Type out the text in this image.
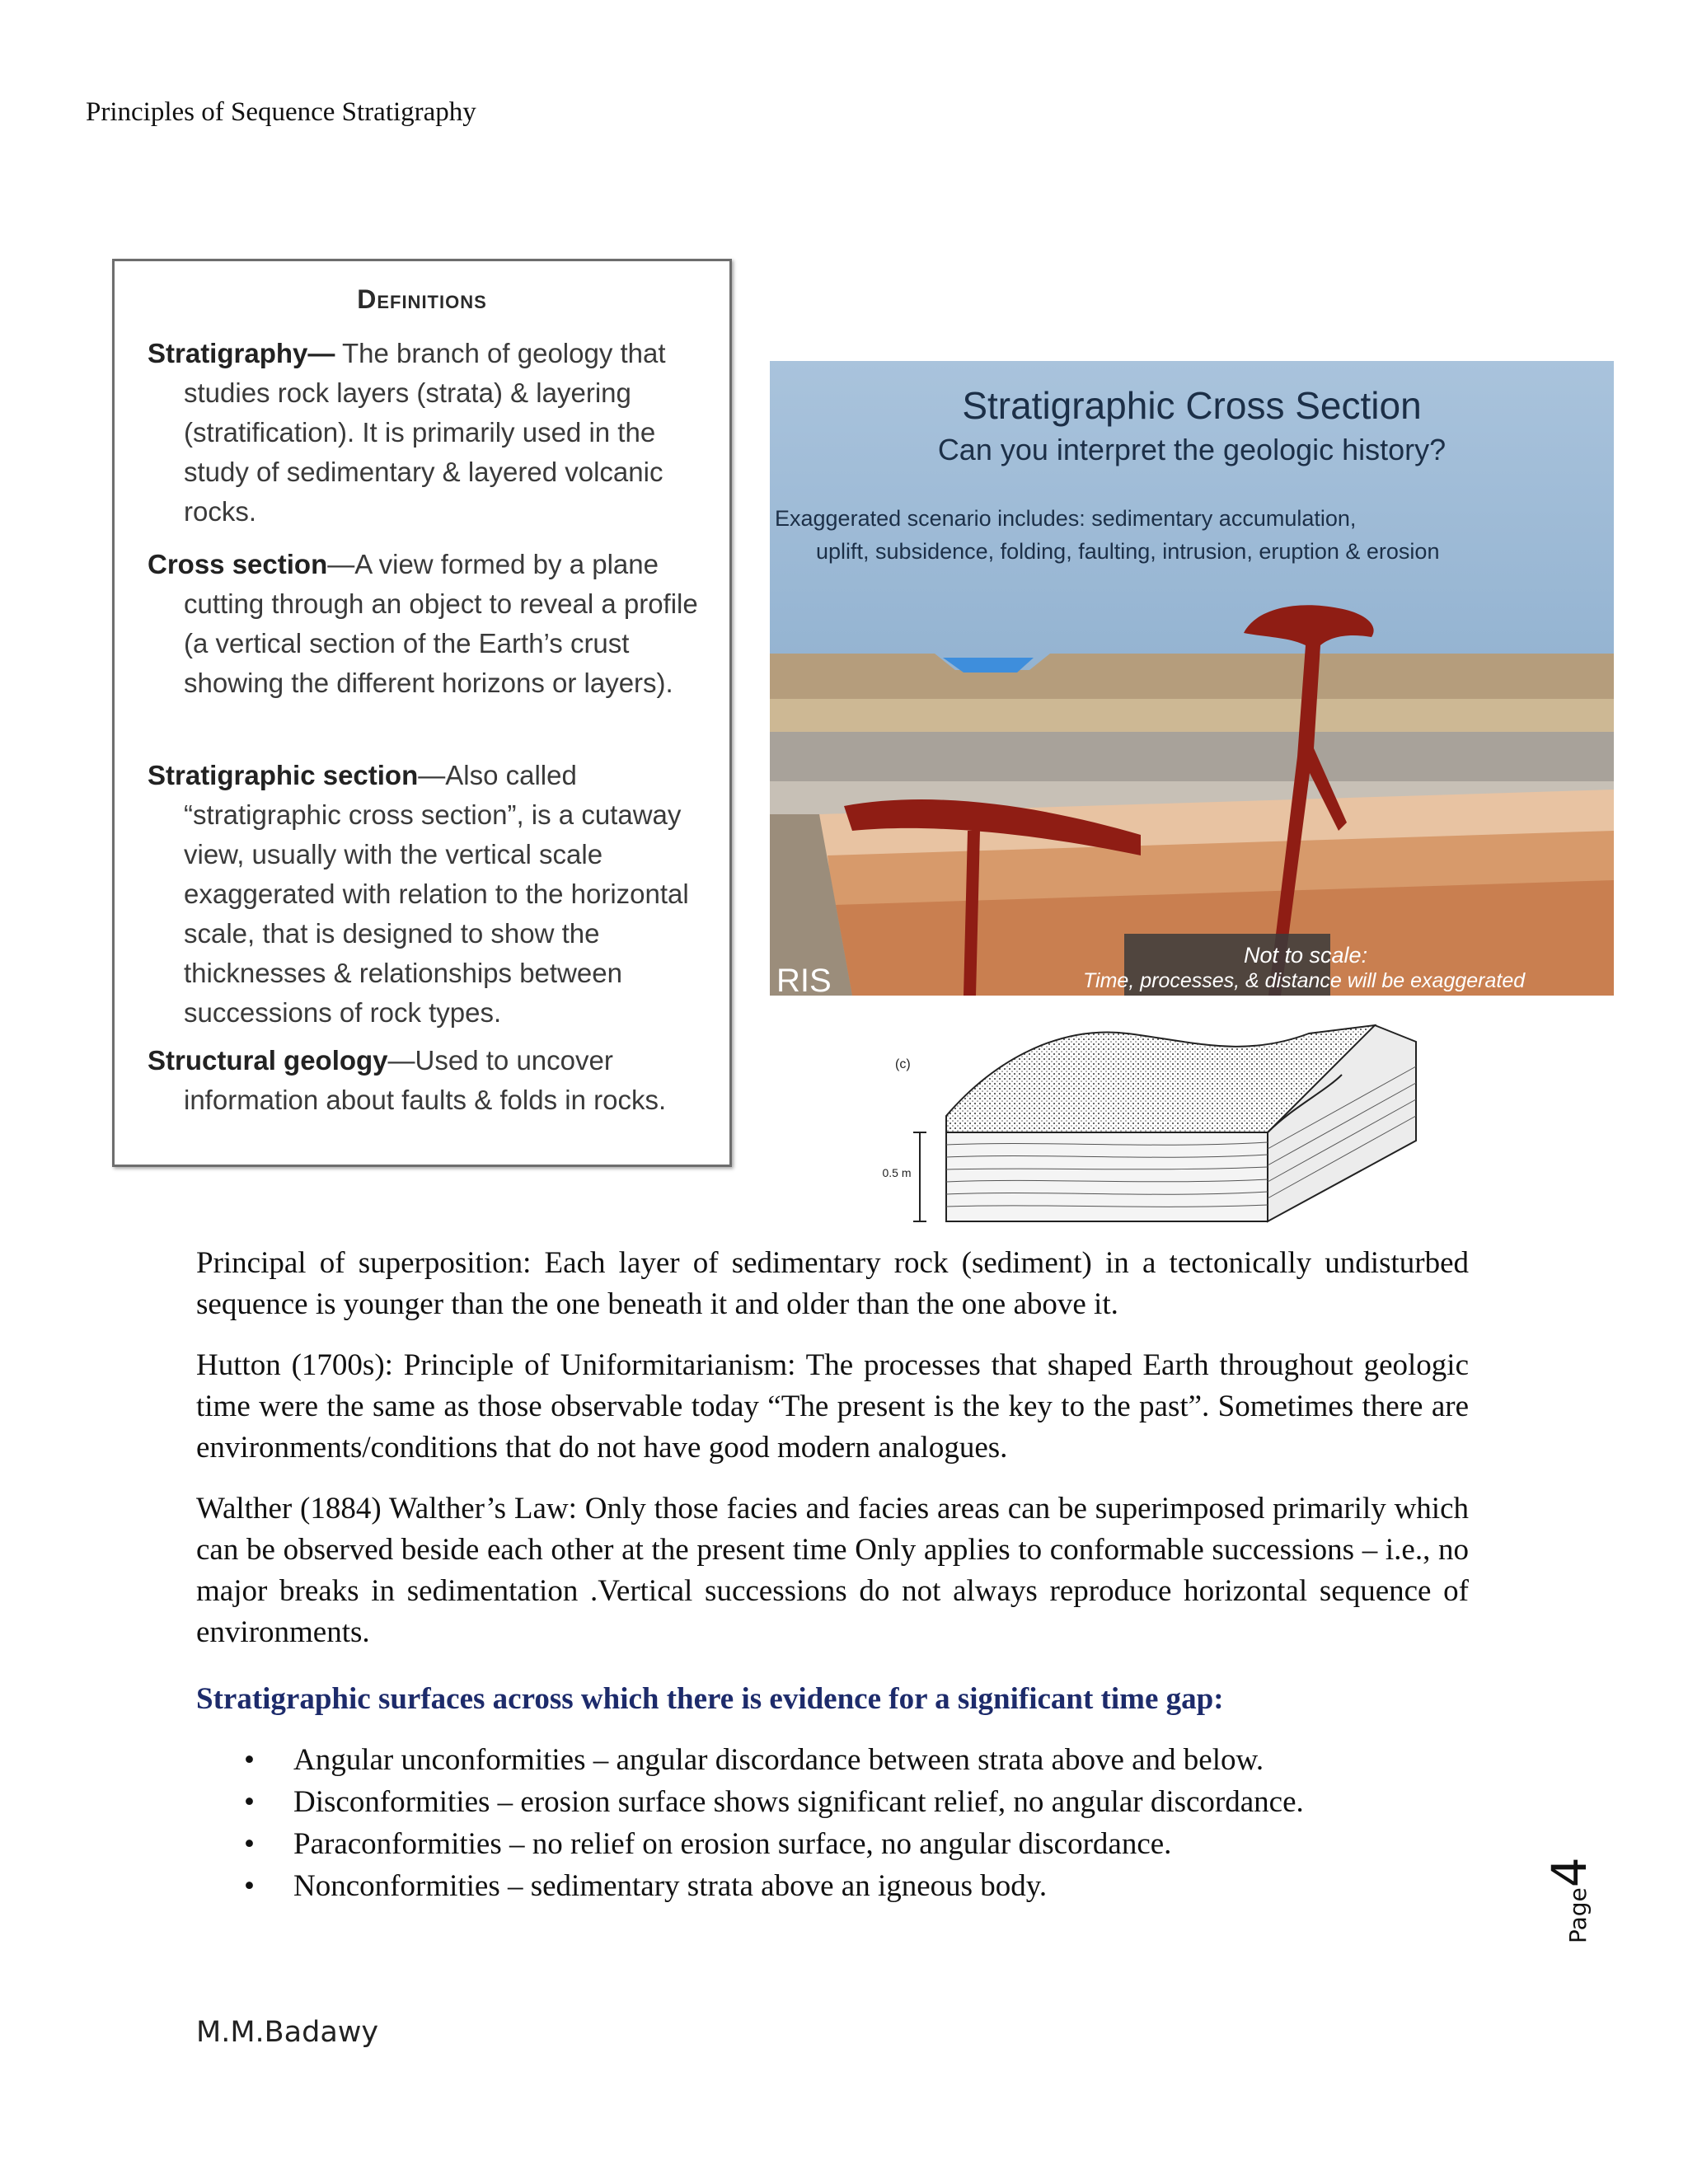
Principles of Sequence Stratigraphy
Definitions
Stratigraphy— The branch of geology that studies rock layers (strata) & layering (stratification). It is primarily used in the study of sedimentary & layered volcanic rocks.
Cross section—A view formed by a plane cutting through an object to reveal a profile (a vertical section of the Earth’s crust showing the different horizons or layers).
Stratigraphic section—Also called “stratigraphic cross section”, is a cutaway view, usually with the vertical scale exaggerated with relation to the horizontal scale, that is designed to show the thicknesses & relationships between successions of rock types.
Structural geology—Used to uncover information about faults & folds in rocks.
Stratigraphic Cross Section
Can you interpret the geologic history?
Exaggerated scenario includes: sedimentary accumulation,
uplift, subsidence, folding, faulting, intrusion, eruption & erosion
Not to scale:
Time, processes, & distance will be exaggerated
RIS
(c)
0.5 m
Principal of superposition: Each layer of sedimentary rock (sediment) in a tectonically undisturbed sequence is younger than the one beneath it and older than the one above it.
Hutton (1700s): Principle of Uniformitarianism: The processes that shaped Earth throughout geologic time were the same as those observable today “The present is the key to the past”. Sometimes there are environments/conditions that do not have good modern analogues.
Walther (1884) Walther’s Law: Only those facies and facies areas can be superimposed primarily which can be observed beside each other at the present time Only applies to conformable successions – i.e., no major breaks in sedimentation .Vertical successions do not always reproduce horizontal sequence of environments.
Stratigraphic surfaces across which there is evidence for a significant time gap:
• Angular unconformities – angular discordance between strata above and below.
• Disconformities – erosion surface shows significant relief, no angular discordance.
• Paraconformities – no relief on erosion surface, no angular discordance.
• Nonconformities – sedimentary strata above an igneous body.
Page4
M.M.Badawy
